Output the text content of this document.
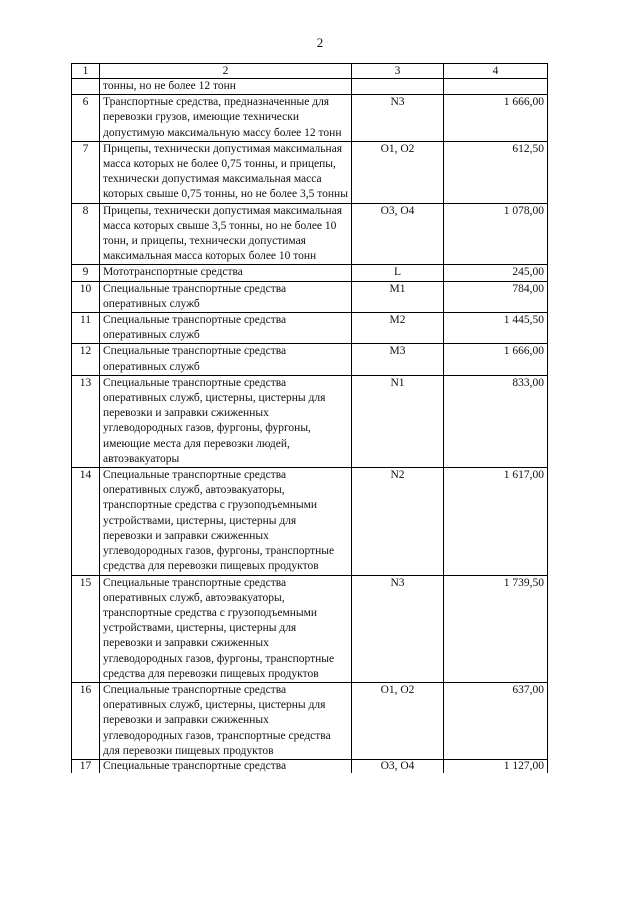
2
1	2	3	4
	тонны, но не более 12 тонн		
6	Транспортные средства, предназначенные для перевозки грузов, имеющие технически допустимую максимальную массу более 12 тонн	N3	1 666,00
7	Прицепы, технически допустимая максимальная масса которых не более 0,75 тонны, и прицепы, технически допустимая максимальная масса которых свыше 0,75 тонны, но не более 3,5 тонны	O1, O2	612,50
8	Прицепы, технически допустимая максимальная масса которых свыше 3,5 тонны, но не более 10 тонн, и прицепы, технически допустимая максимальная масса которых более 10 тонн	O3, O4	1 078,00
9	Мототранспортные средства	L	245,00
10	Специальные транспортные средства оперативных служб	M1	784,00
11	Специальные транспортные средства оперативных служб	M2	1 445,50
12	Специальные транспортные средства оперативных служб	M3	1 666,00
13	Специальные транспортные средства оперативных служб, цистерны, цистерны для перевозки и заправки сжиженных углеводородных газов, фургоны, фургоны, имеющие места для перевозки людей, автоэвакуаторы	N1	833,00
14	Специальные транспортные средства оперативных служб, автоэвакуаторы, транспортные средства с грузоподъемными устройствами, цистерны, цистерны для перевозки и заправки сжиженных углеводородных газов, фургоны, транспортные средства для перевозки пищевых продуктов	N2	1 617,00
15	Специальные транспортные средства оперативных служб, автоэвакуаторы, транспортные средства с грузоподъемными устройствами, цистерны, цистерны для перевозки и заправки сжиженных углеводородных газов, фургоны, транспортные средства для перевозки пищевых продуктов	N3	1 739,50
16	Специальные транспортные средства оперативных служб, цистерны, цистерны для перевозки и заправки сжиженных углеводородных газов, транспортные средства для перевозки пищевых продуктов	O1, O2	637,00
17	Специальные транспортные средства	O3, O4	1 127,00
